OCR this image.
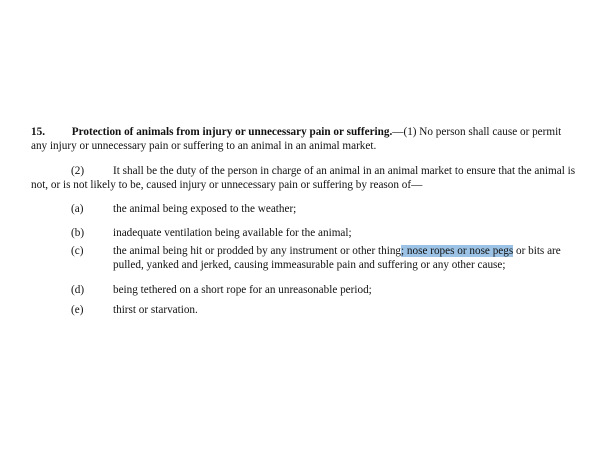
15. Protection of animals from injury or unnecessary pain or suffering.—(1) No person shall cause or permit
any injury or unnecessary pain or suffering to an animal in an animal market.
(2)	It shall be the duty of the person in charge of an animal in an animal market to ensure that the animal is
not, or is not likely to be, caused injury or unnecessary pain or suffering by reason of—
(a)	the animal being exposed to the weather;
(b)	inadequate ventilation being available for the animal;
(c)	the animal being hit or prodded by any instrument or other thing; nose ropes or nose pegs or bits are
pulled, yanked and jerked, causing immeasurable pain and suffering or any other cause;
(d)	being tethered on a short rope for an unreasonable period;
(e)	thirst or starvation.
